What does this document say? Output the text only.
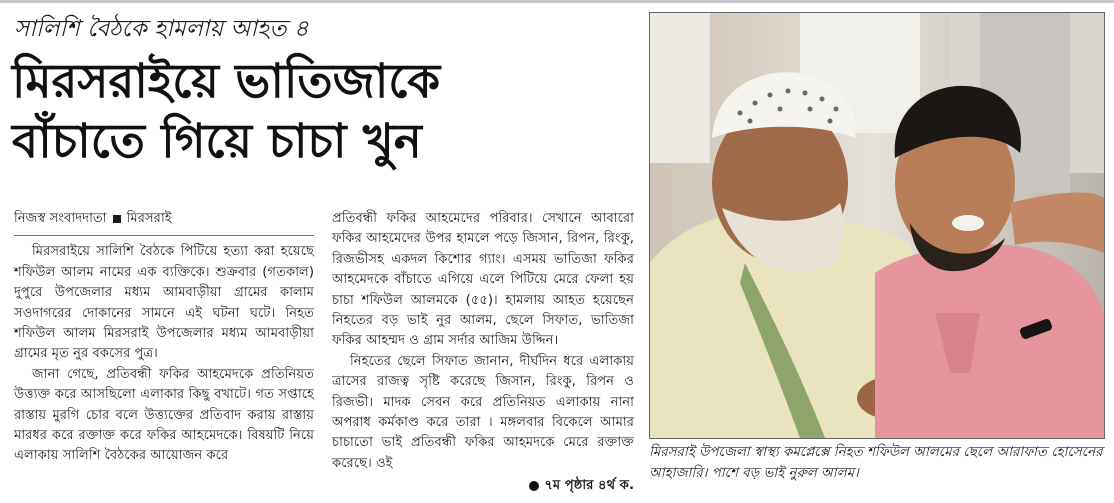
সালিশি বৈঠকে হামলায় আহত ৪
মিরসরাইয়ে ভাতিজাকে
বাঁচাতে গিয়ে চাচা খুন
নিজস্ব সংবাদদাতা মিরসরাই

মিরসরাইয়ে সালিশি বৈঠকে পিটিয়ে হত্যা করা হয়েছে শফিউল আলম নামের এক ব্যক্তিকে। শুক্রবার (গতকাল) দুপুরে উপজেলার মধ্যম আমবাড়ীয়া গ্রামের কালাম সওদাগরের দোকানের সামনে এই ঘটনা ঘটে। নিহত শফিউল আলম মিরসরাই উপজেলার মধ্যম আমবাড়ীয়া গ্রামের মৃত নুর বকসের পুত্র।

জানা গেছে, প্রতিবন্ধী ফকির আহমেদকে প্রতিনিয়ত উত্ত্যক্ত করে আসছিলো এলাকার কিছু বখাটে। গত সপ্তাহে রাস্তায় মুরগি চোর বলে উত্ত্যক্তের প্রতিবাদ করায় রাস্তায় মারধর করে রক্তাক্ত করে ফকির আহমেদকে। বিষয়টি নিয়ে এলাকায় সালিশি বৈঠকের আয়োজন করে

প্রতিবন্ধী ফকির আহমেদের পরিবার। সেখানে আবারো ফকির আহমেদের উপর হামলে পড়ে জিসান, রিপন, রিংকু, রিজভীসহ একদল কিশোর গ্যাং। এসময় ভাতিজা ফকির আহমেদকে বাঁচাতে এগিয়ে এলে পিটিয়ে মেরে ফেলা হয় চাচা শফিউল আলমকে (৫৫)। হামলায় আহত হয়েছেন নিহতের বড় ভাই নুর আলম, ছেলে সিফাত, ভাতিজা ফকির আহম্মদ ও গ্রাম সর্দার আজিম উদ্দিন।

নিহতের ছেলে সিফাত জানান, দীর্ঘদিন ধরে এলাকায় ত্রাসের রাজত্ব সৃষ্টি করেছে জিসান, রিংকু, রিপন ও রিজভী। মাদক সেবন করে প্রতিনিয়ত এলাকায় নানা অপরাধ কর্মকাণ্ড করে তারা । মঙ্গলবার বিকেলে আমার চাচাতো ভাই প্রতিবন্ধী ফকির আহমদকে মেরে রক্তাক্ত করেছে। ওই

৭ম পৃষ্ঠার ৪র্থ ক.
মিরসরাই উপজেলা স্বাস্থ্য কমপ্লেক্সে নিহত শফিউল আলমের ছেলে আরাফাত হোসেনের আহাজারি। পাশে বড় ভাই নুরুল আলম।
